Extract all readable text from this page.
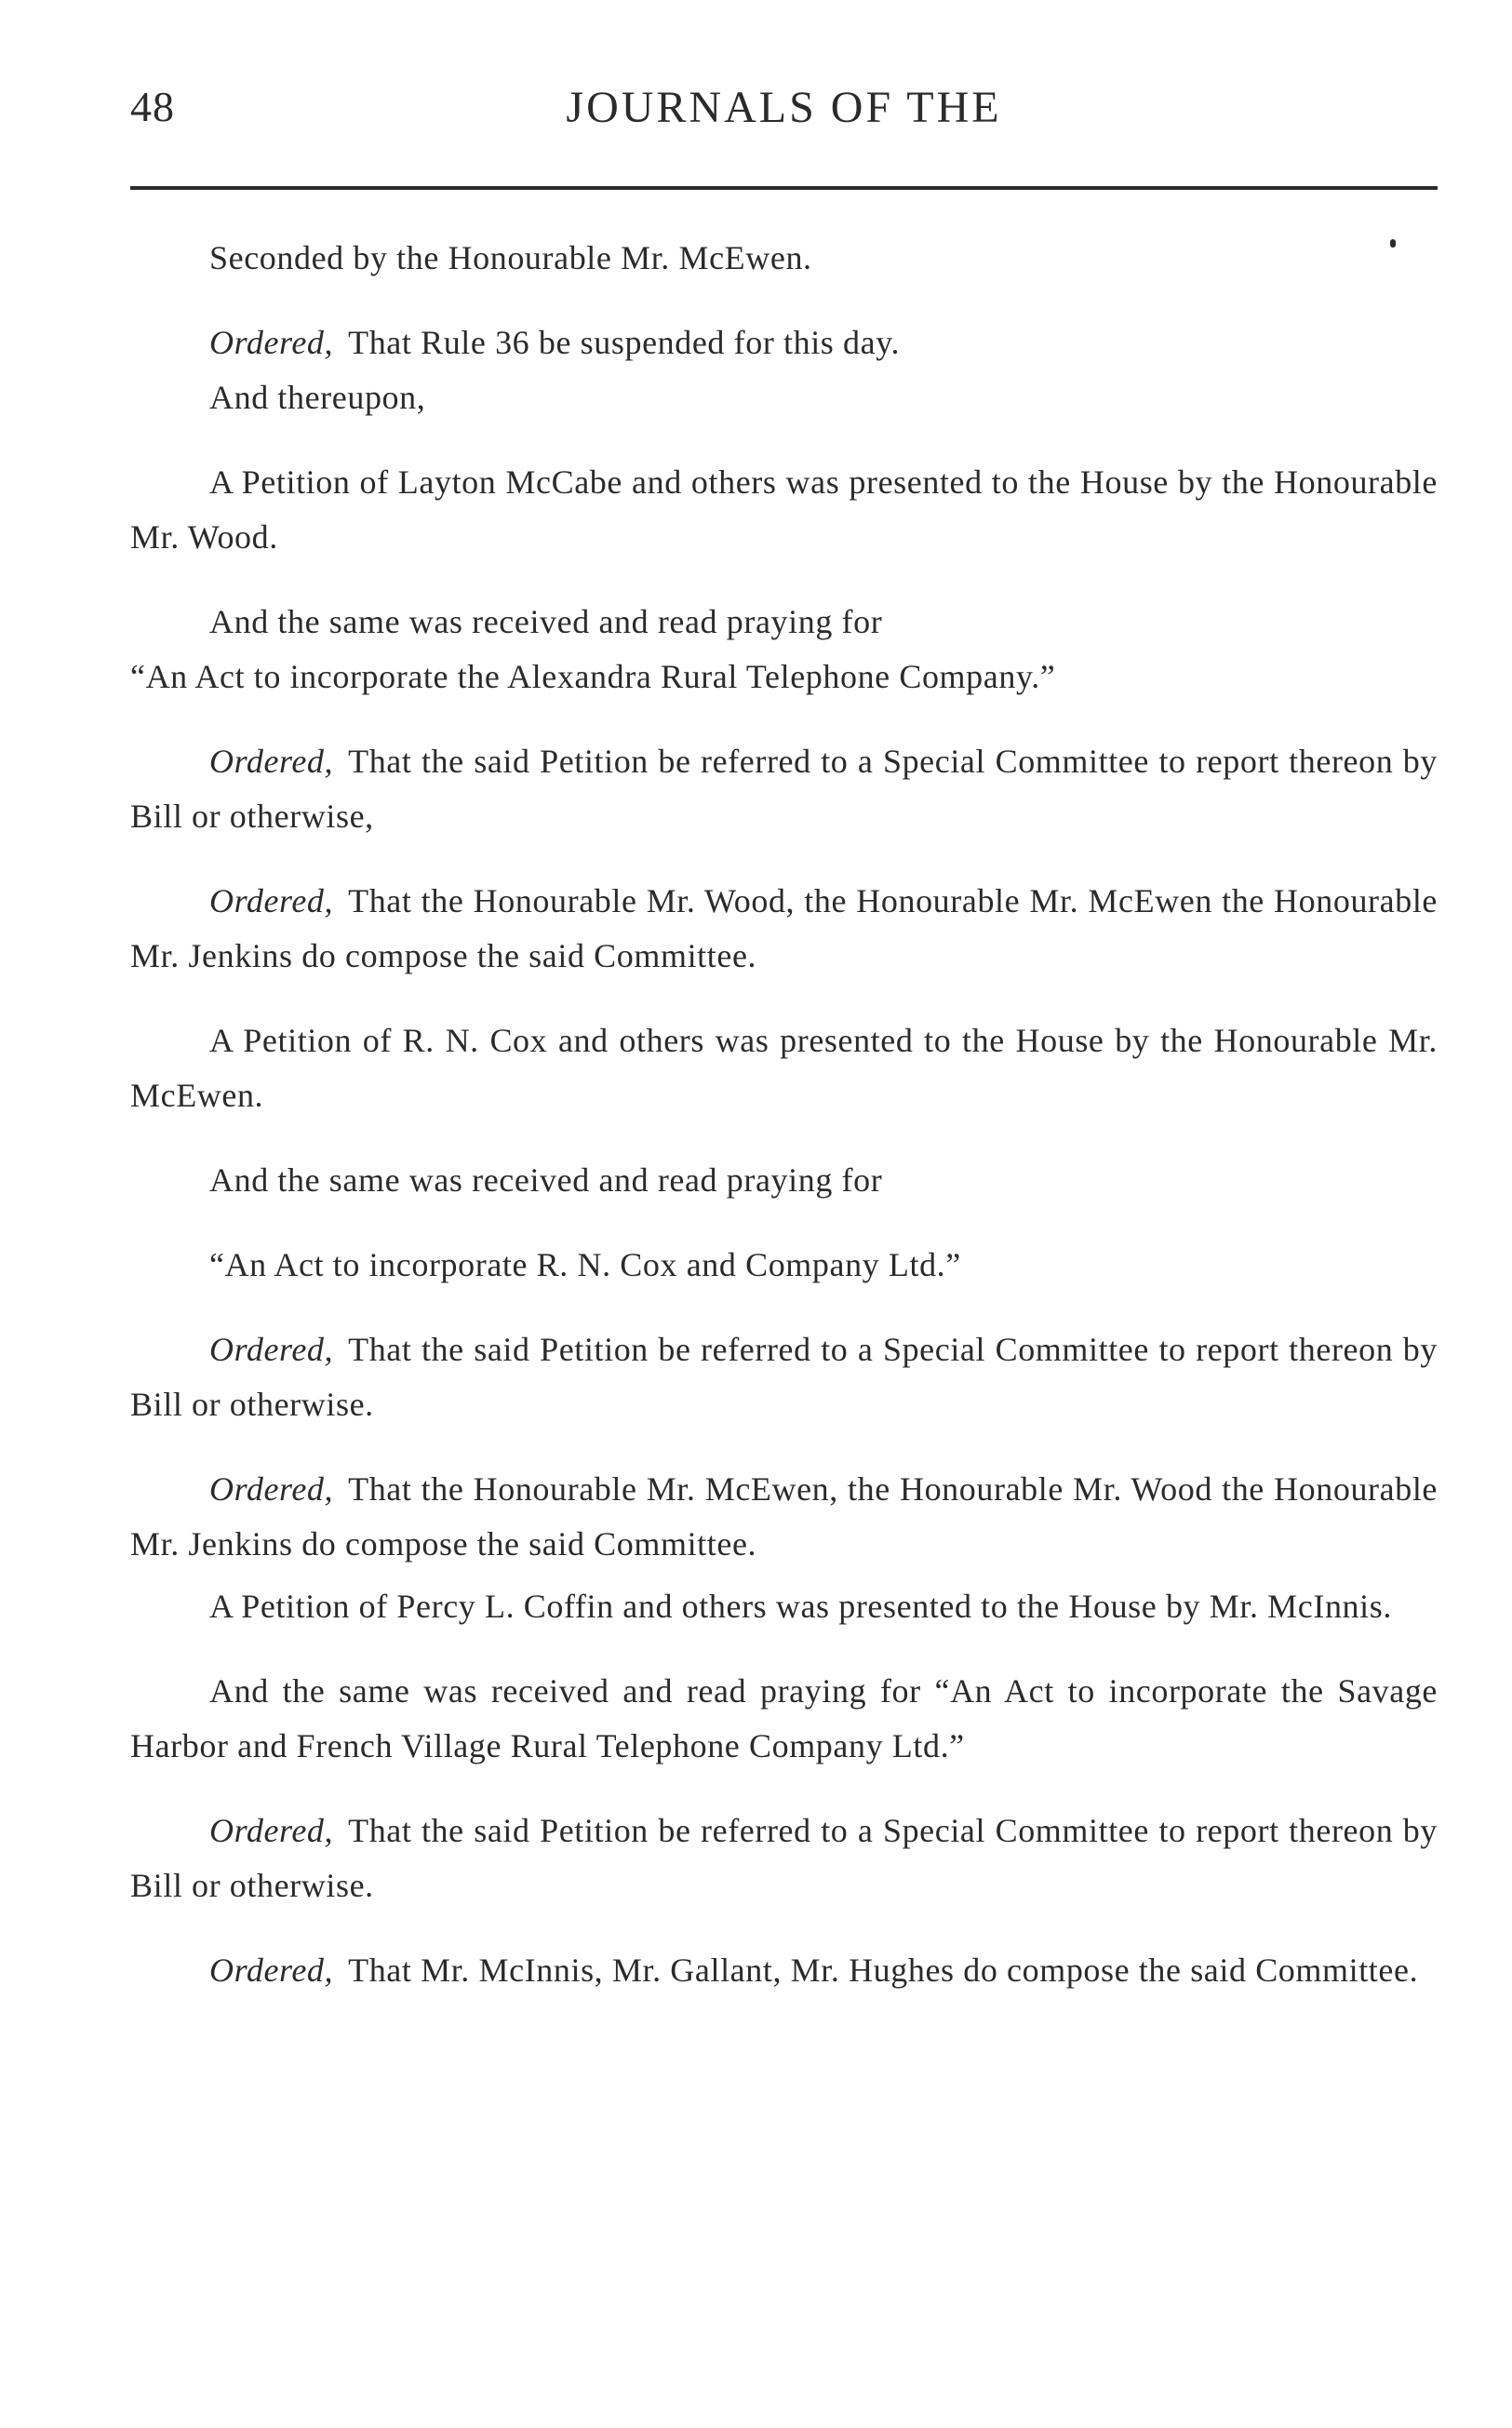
48	JOURNALS OF THE

Seconded by the Honourable Mr. McEwen.

Ordered, That Rule 36 be suspended for this day.

And thereupon,

A Petition of Layton McCabe and others was presented to the House by the Honourable Mr. Wood.

And the same was received and read praying for

“An Act to incorporate the Alexandra Rural Telephone Company.”

Ordered, That the said Petition be referred to a Special Committee to report thereon by Bill or otherwise,

Ordered, That the Honourable Mr. Wood, the Honourable Mr. McEwen the Honourable Mr. Jenkins do compose the said Committee.

A Petition of R. N. Cox and others was presented to the House by the Honourable Mr. McEwen.

And the same was received and read praying for

“An Act to incorporate R. N. Cox and Company Ltd.”

Ordered, That the said Petition be referred to a Special Committee to report thereon by Bill or otherwise.

Ordered, That the Honourable Mr. McEwen, the Honourable Mr. Wood the Honourable Mr. Jenkins do compose the said Committee.

A Petition of Percy L. Coffin and others was presented to the House by Mr. McInnis.

And the same was received and read praying for “An Act to incorporate the Savage Harbor and French Village Rural Telephone Company Ltd.”

Ordered, That the said Petition be referred to a Special Committee to report thereon by Bill or otherwise.

Ordered, That Mr. McInnis, Mr. Gallant, Mr. Hughes do compose the said Committee.
